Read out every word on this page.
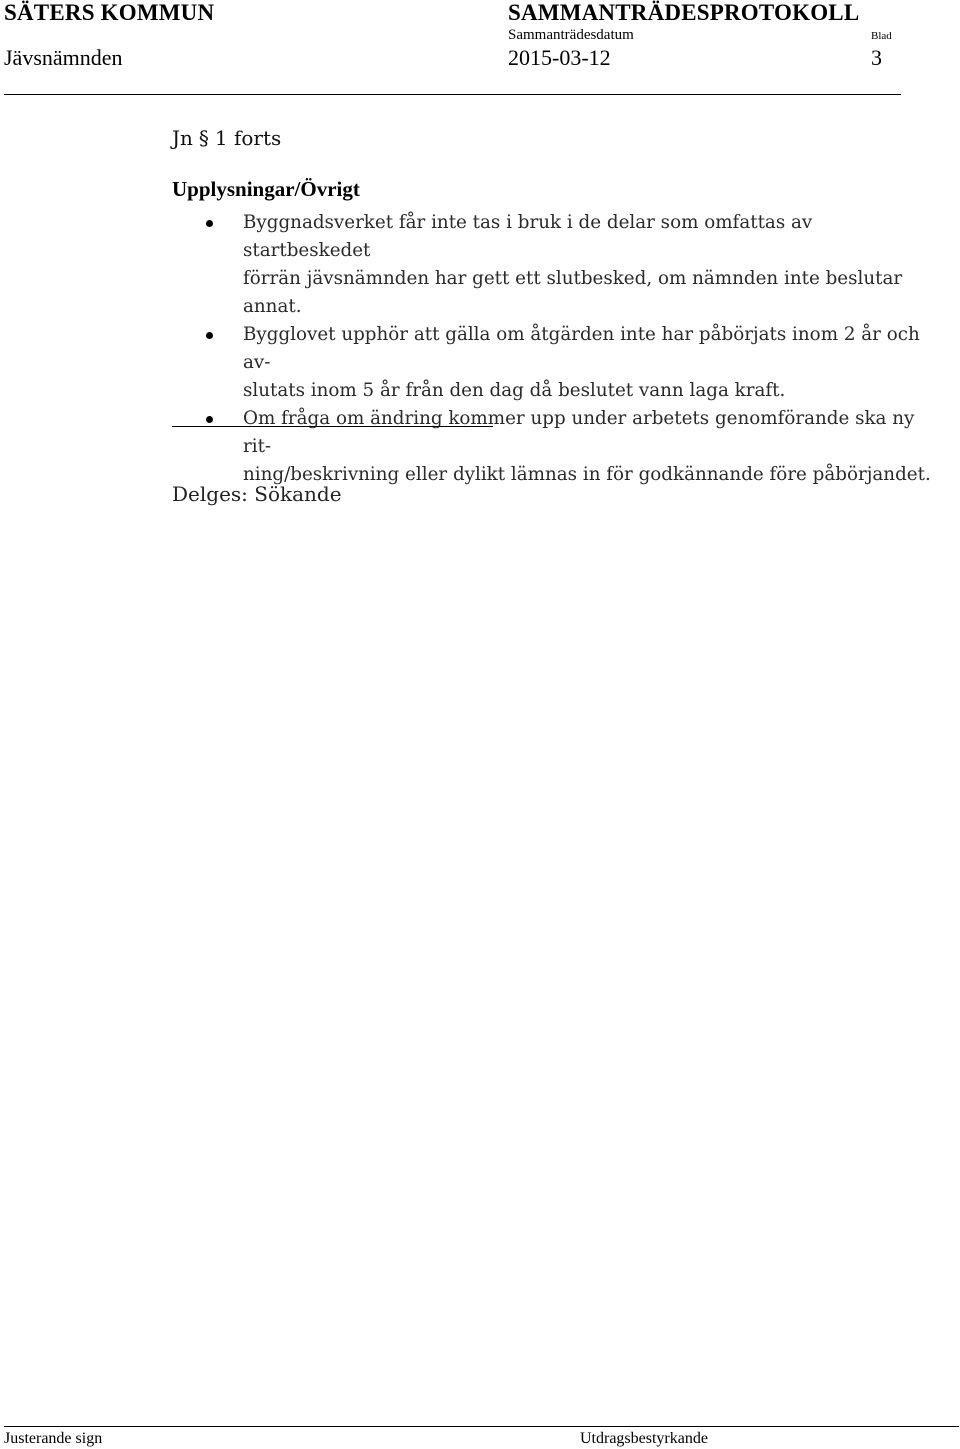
SÄTERS KOMMUN	SAMMANTRÄDESPROTOKOLL
Sammanträdesdatum	Blad
Jävsnämnden	2015-03-12	3
Jn § 1 forts
Upplysningar/Övrigt
Byggnadsverket får inte tas i bruk i de delar som omfattas av startbeskedet
förrän jävsnämnden har gett ett slutbesked, om nämnden inte beslutar annat.
Bygglovet upphör att gälla om åtgärden inte har påbörjats inom 2 år och av-
slutats inom 5 år från den dag då beslutet vann laga kraft.
Om fråga om ändring kommer upp under arbetets genomförande ska ny rit-
ning/beskrivning eller dylikt lämnas in för godkännande före påbörjandet.
Delges: Sökande
Justerande sign	Utdragsbestyrkande
